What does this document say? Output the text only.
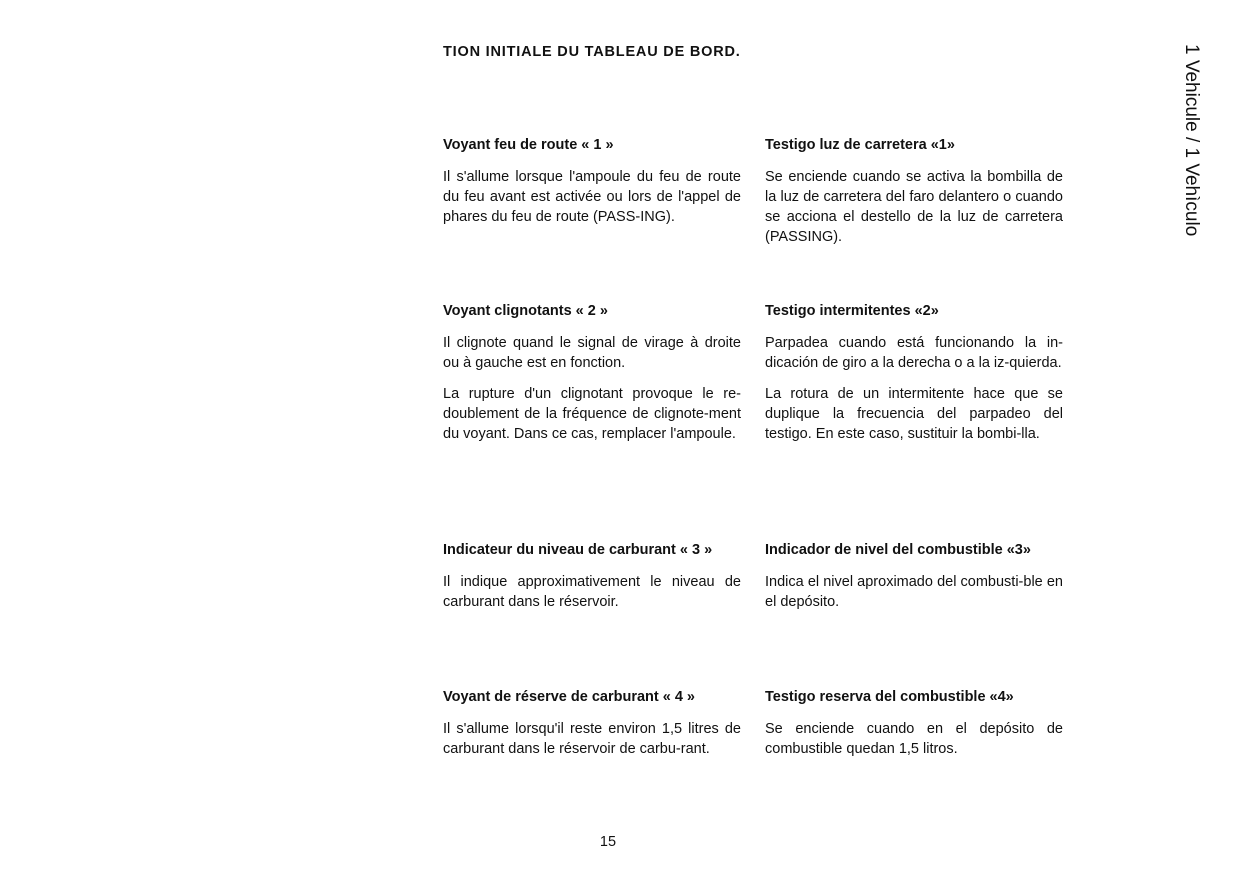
TION INITIALE DU TABLEAU DE BORD.	1 Vehicule / 1 Vehìculo

Voyant feu de route « 1 »

Il s'allume lorsque l'ampoule du feu de route du feu avant est activée ou lors de l'appel de phares du feu de route (PASS-ING).

Testigo luz de carretera «1»

Se enciende cuando se activa la bombilla de la luz de carretera del faro delantero o cuando se acciona el destello de la luz de carretera (PASSING).

Voyant clignotants « 2 »

Il clignote quand le signal de virage à droite ou à gauche est en fonction.

La rupture d'un clignotant provoque le re-doublement de la fréquence de clignote-ment du voyant. Dans ce cas, remplacer l'ampoule.

Testigo intermitentes «2»

Parpadea cuando está funcionando la in-dicación de giro a la derecha o a la iz-quierda.

La rotura de un intermitente hace que se duplique la frecuencia del parpadeo del testigo. En este caso, sustituir la bombi-lla.

Indicateur du niveau de carburant « 3 »

Il indique approximativement le niveau de carburant dans le réservoir.

Indicador de nivel del combustible «3»

Indica el nivel aproximado del combusti-ble en el depósito.

Voyant de réserve de carburant « 4 »

Il s'allume lorsqu'il reste environ 1,5 litres de carburant dans le réservoir de carbu-rant.

Testigo reserva del combustible «4»

Se enciende cuando en el depósito de combustible quedan 1,5 litros.

15
